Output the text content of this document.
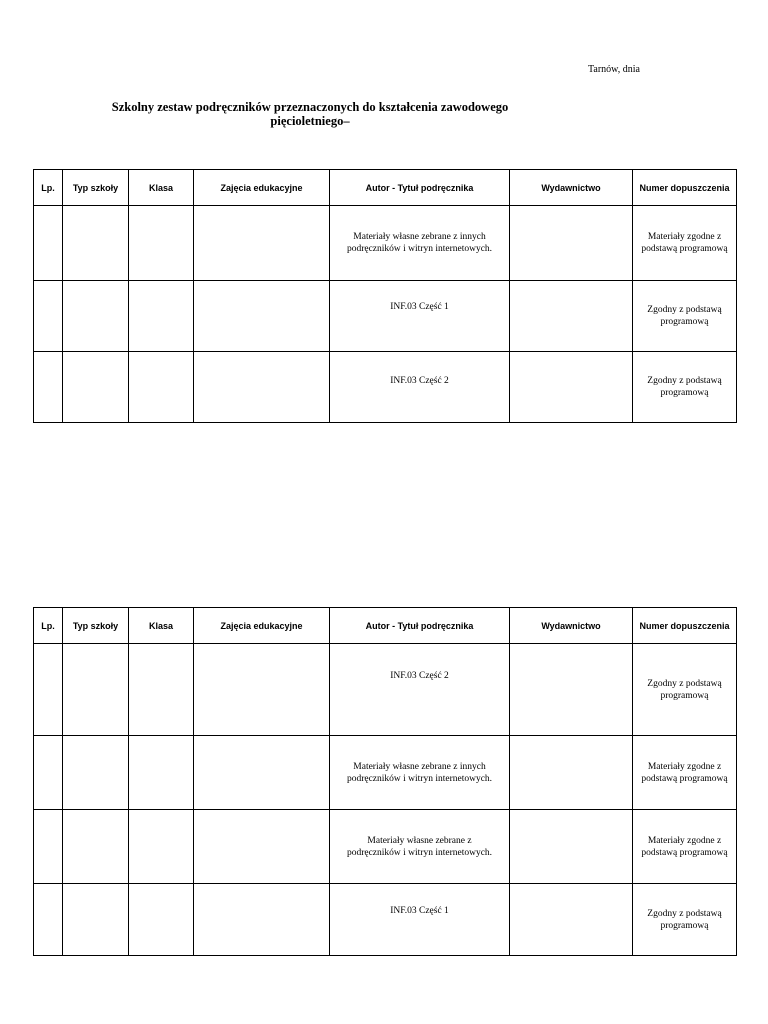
Tarnów, dnia
Szkolny zestaw podręczników przeznaczonych do kształcenia zawodowego pięcioletniego–
Lp.	Typ szkoły	Klasa	Zajęcia edukacyjne	Autor - Tytuł podręcznika	Wydawnictwo	Numer dopuszczenia
				Materiały własne zebrane z innych podręczników i witryn internetowych.		Materiały zgodne z podstawą programową
				INF.03 Część 1		Zgodny z podstawą programową
				INF.03 Część 2		Zgodny z podstawą programową
Lp.	Typ szkoły	Klasa	Zajęcia edukacyjne	Autor - Tytuł podręcznika	Wydawnictwo	Numer dopuszczenia
				INF.03 Część 2		Zgodny z podstawą programową
				Materiały własne zebrane z innych podręczników i witryn internetowych.		Materiały zgodne z podstawą programową
				Materiały własne zebrane z podręczników i witryn internetowych.		Materiały zgodne z podstawą programową
				INF.03 Część 1		Zgodny z podstawą programową
